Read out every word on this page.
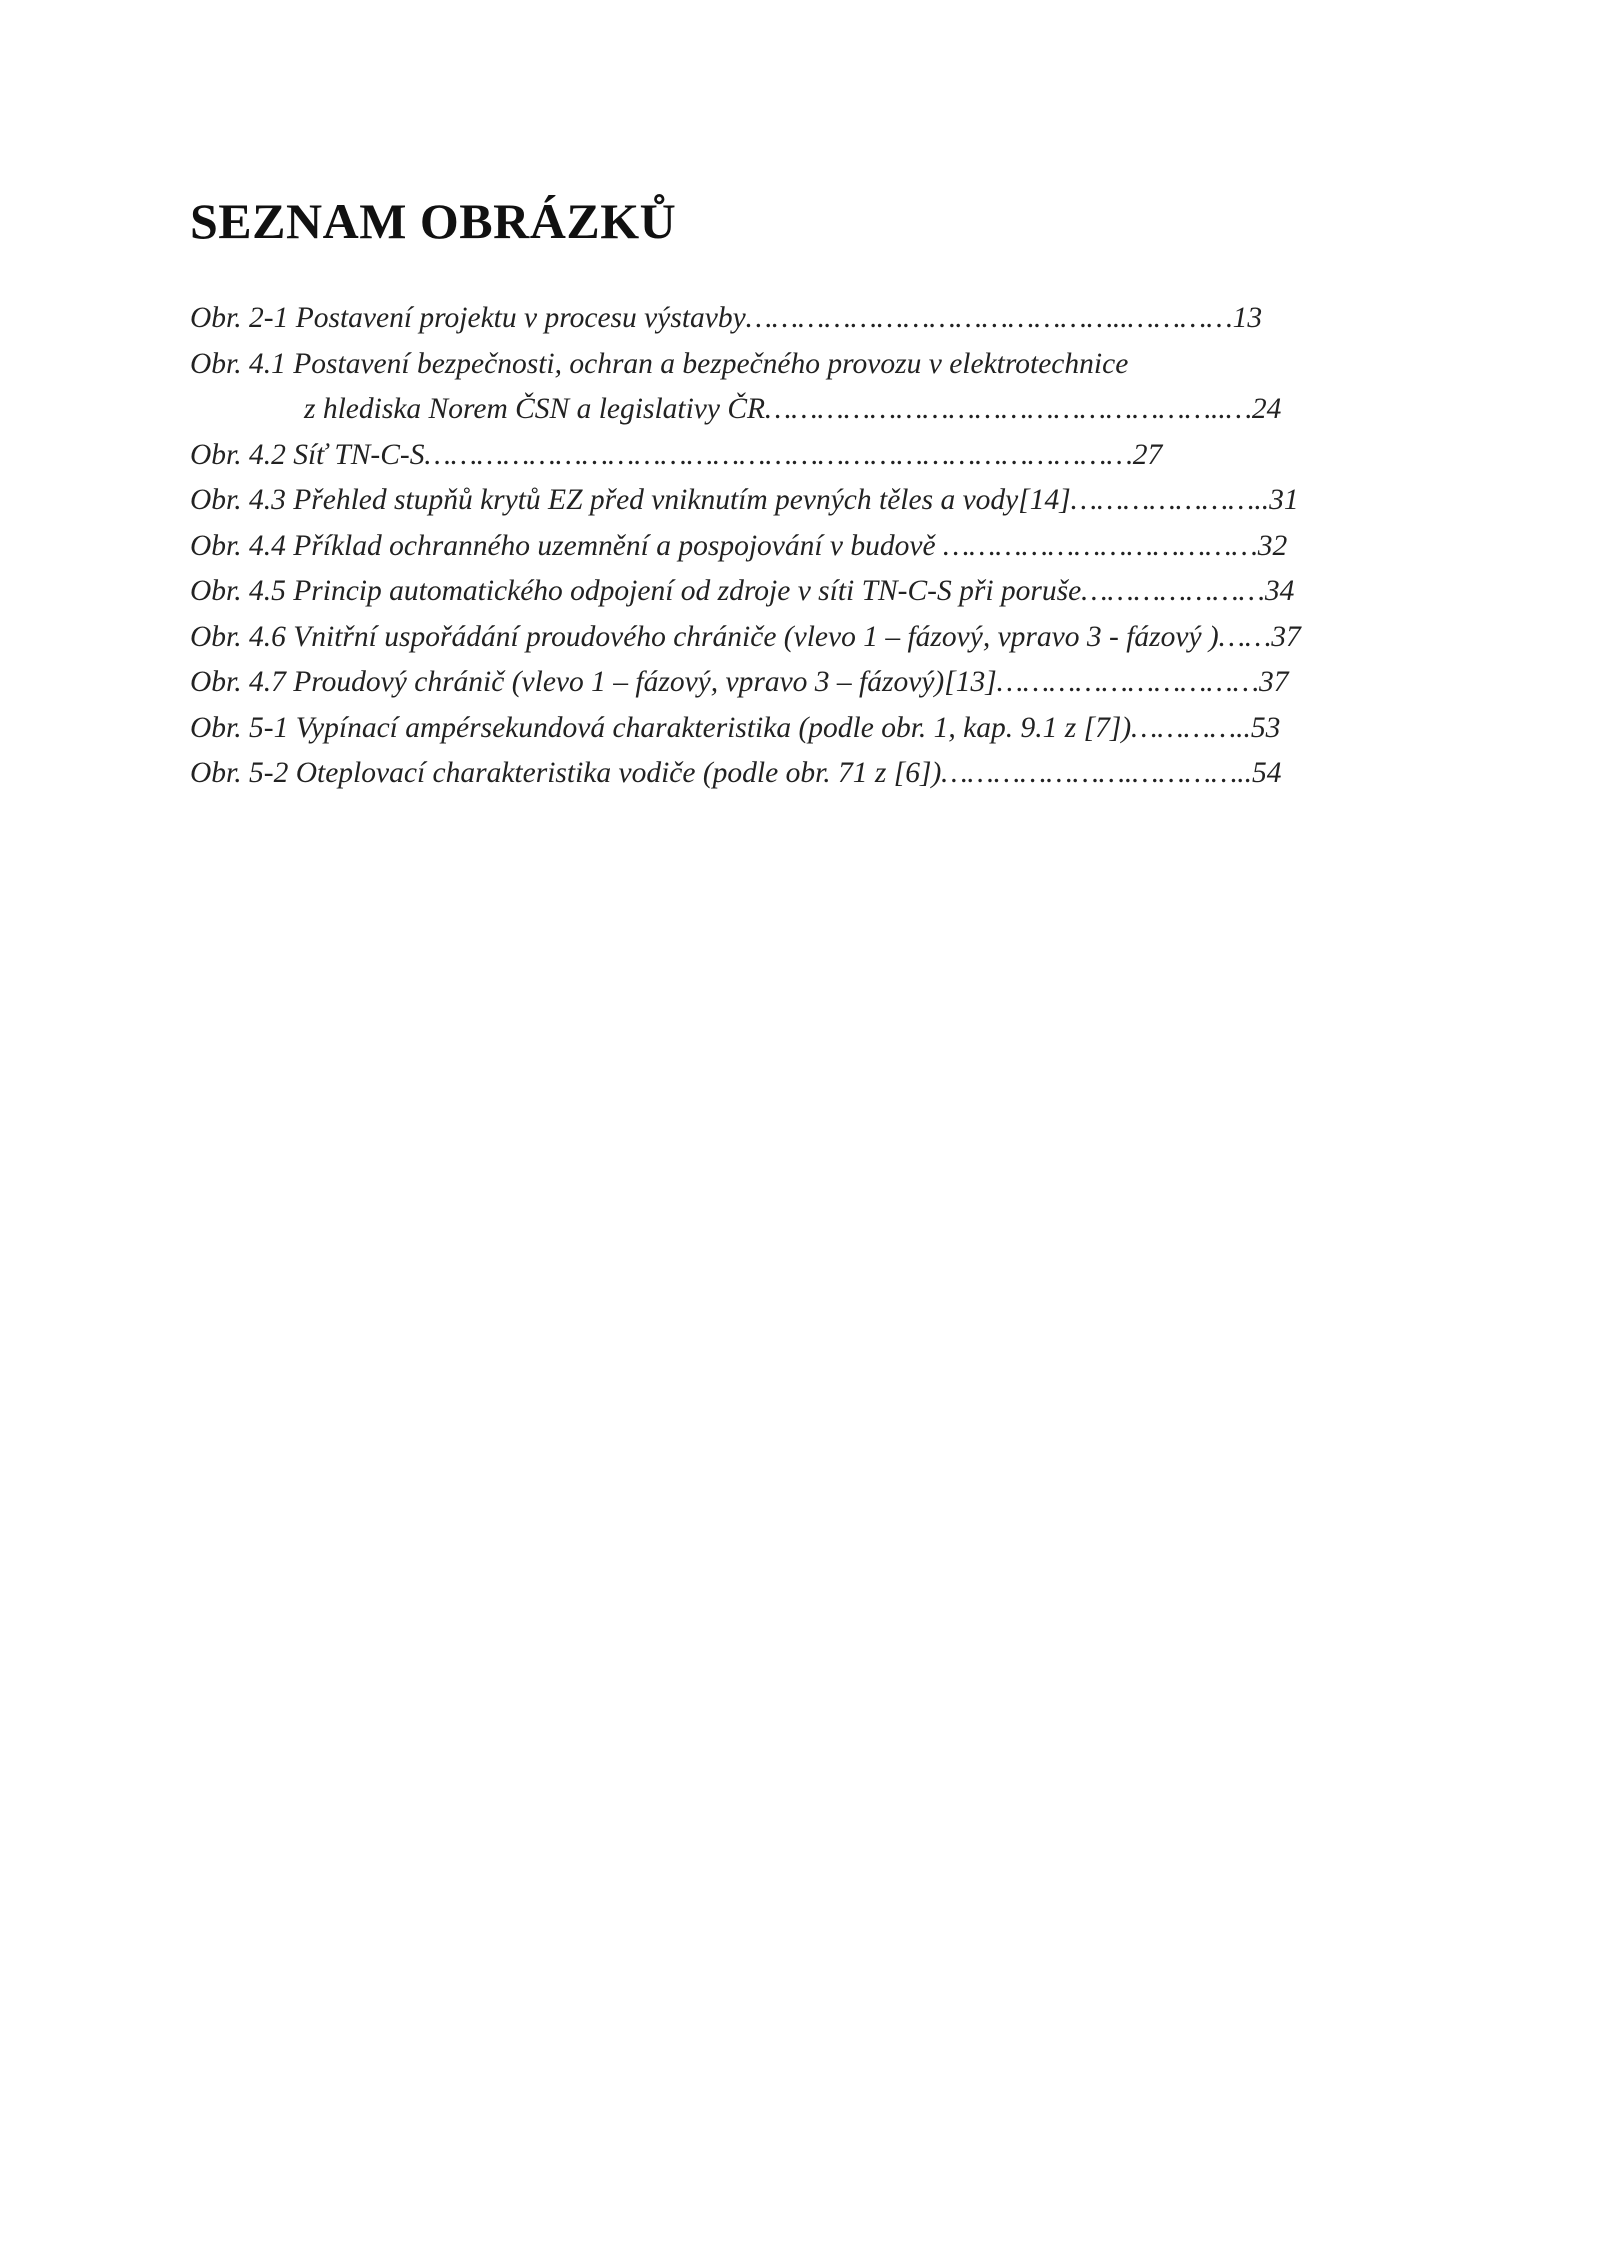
SEZNAM OBRÁZKŮ
Obr. 2-1 Postavení projektu v procesu výstavby……………………………………..…………13
Obr. 4.1 Postavení bezpečnosti, ochran a bezpečného provozu v elektrotechnice
z hlediska Norem ČSN a legislativy ČR……………………………………………..…24
Obr. 4.2 Síť TN-C-S………………………………………………………………………27
Obr. 4.3 Přehled stupňů krytů EZ před vniknutím pevných těles a vody[14]…………………..31
Obr. 4.4 Příklad ochranného uzemnění a pospojování v budově ………………………………32
Obr. 4.5 Princip automatického odpojení od zdroje v síti TN-C-S při poruše…………………34
Obr. 4.6 Vnitřní uspořádání proudového chrániče (vlevo 1 – fázový, vpravo 3 - fázový )……37
Obr. 4.7 Proudový chránič (vlevo 1 – fázový, vpravo 3 – fázový)[13]…………………………37
Obr. 5-1 Vypínací ampérsekundová charakteristika (podle obr. 1, kap. 9.1 z [7])…………..53
Obr. 5-2 Oteplovací charakteristika vodiče (podle obr. 71 z [6])………………….…………..54
